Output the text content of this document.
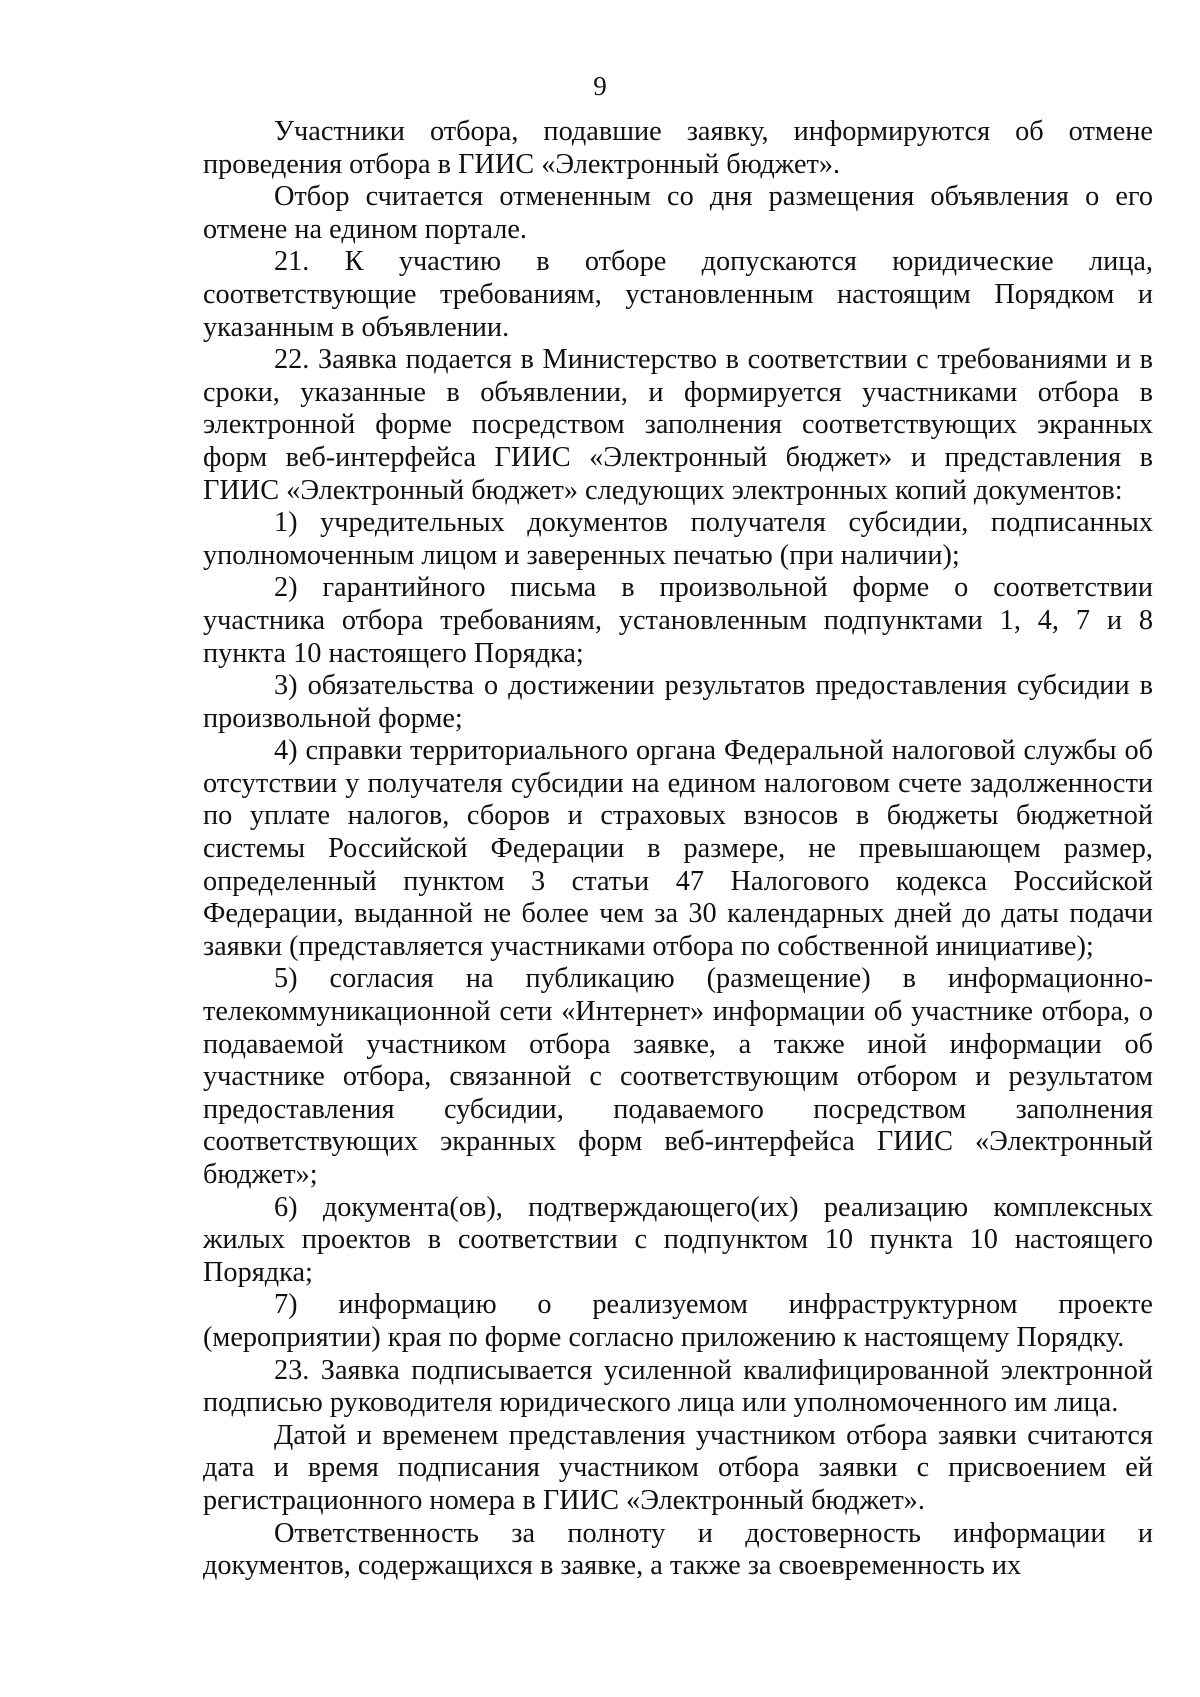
9

Участники отбора, подавшие заявку, информируются об отмене проведения отбора в ГИИС «Электронный бюджет».

Отбор считается отмененным со дня размещения объявления о его отмене на едином портале.

21. К участию в отборе допускаются юридические лица, соответствующие требованиям, установленным настоящим Порядком и указанным в объявлении.

22. Заявка подается в Министерство в соответствии с требованиями и в сроки, указанные в объявлении, и формируется участниками отбора в электронной форме посредством заполнения соответствующих экранных форм веб-интерфейса ГИИС «Электронный бюджет» и представления в ГИИС «Электронный бюджет» следующих электронных копий документов:

1) учредительных документов получателя субсидии, подписанных уполномоченным лицом и заверенных печатью (при наличии);

2) гарантийного письма в произвольной форме о соответствии участника отбора требованиям, установленным подпунктами 1, 4, 7 и 8 пункта 10 настоящего Порядка;

3) обязательства о достижении результатов предоставления субсидии в произвольной форме;

4) справки территориального органа Федеральной налоговой службы об отсутствии у получателя субсидии на едином налоговом счете задолженности по уплате налогов, сборов и страховых взносов в бюджеты бюджетной системы Российской Федерации в размере, не превышающем размер, определенный пунктом 3 статьи 47 Налогового кодекса Российской Федерации, выданной не более чем за 30 календарных дней до даты подачи заявки (представляется участниками отбора по собственной инициативе);

5) согласия на публикацию (размещение) в информационно-телекоммуникационной сети «Интернет» информации об участнике отбора, о подаваемой участником отбора заявке, а также иной информации об участнике отбора, связанной с соответствующим отбором и результатом предоставления субсидии, подаваемого посредством заполнения соответствующих экранных форм веб-интерфейса ГИИС «Электронный бюджет»;

6) документа(ов), подтверждающего(их) реализацию комплексных жилых проектов в соответствии с подпунктом 10 пункта 10 настоящего Порядка;

7) информацию о реализуемом инфраструктурном проекте (мероприятии) края по форме согласно приложению к настоящему Порядку.

23. Заявка подписывается усиленной квалифицированной электронной подписью руководителя юридического лица или уполномоченного им лица.

Датой и временем представления участником отбора заявки считаются дата и время подписания участником отбора заявки с присвоением ей регистрационного номера в ГИИС «Электронный бюджет».

Ответственность за полноту и достоверность информации и документов, содержащихся в заявке, а также за своевременность их
